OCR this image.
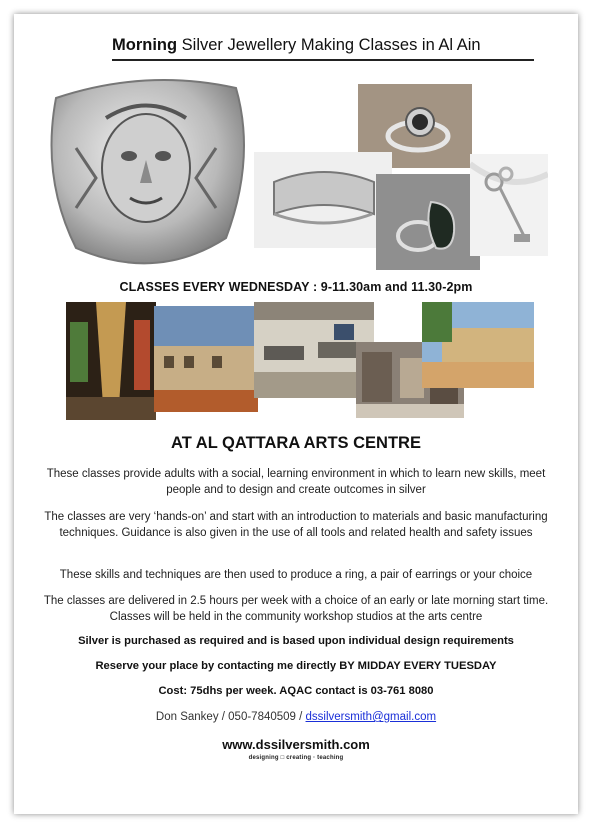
Morning Silver Jewellery Making Classes in Al Ain
CLASSES EVERY WEDNESDAY : 9-11.30am and 11.30-2pm
AT AL QATTARA ARTS CENTRE
These classes provide adults with a social, learning environment in which to learn new skills, meet people and to design and create outcomes in silver
The classes are very ‘hands-on’ and start with an introduction to materials and basic manufacturing techniques. Guidance is also given in the use of all tools and related health and safety issues
These skills and techniques are then used to produce a ring, a pair of earrings or your choice
The classes are delivered in 2.5 hours per week with a choice of an early or late morning start time. Classes will be held in the community workshop studios at the arts centre
Silver is purchased as required and is based upon individual design requirements
Reserve your place by contacting me directly BY MIDDAY EVERY TUESDAY
Cost: 75dhs per week. AQAC contact is 03-761 8080
Don Sankey / 050-7840509 / dssilversmith@gmail.com
www.dssilversmith.com
designing □ creating · teaching
